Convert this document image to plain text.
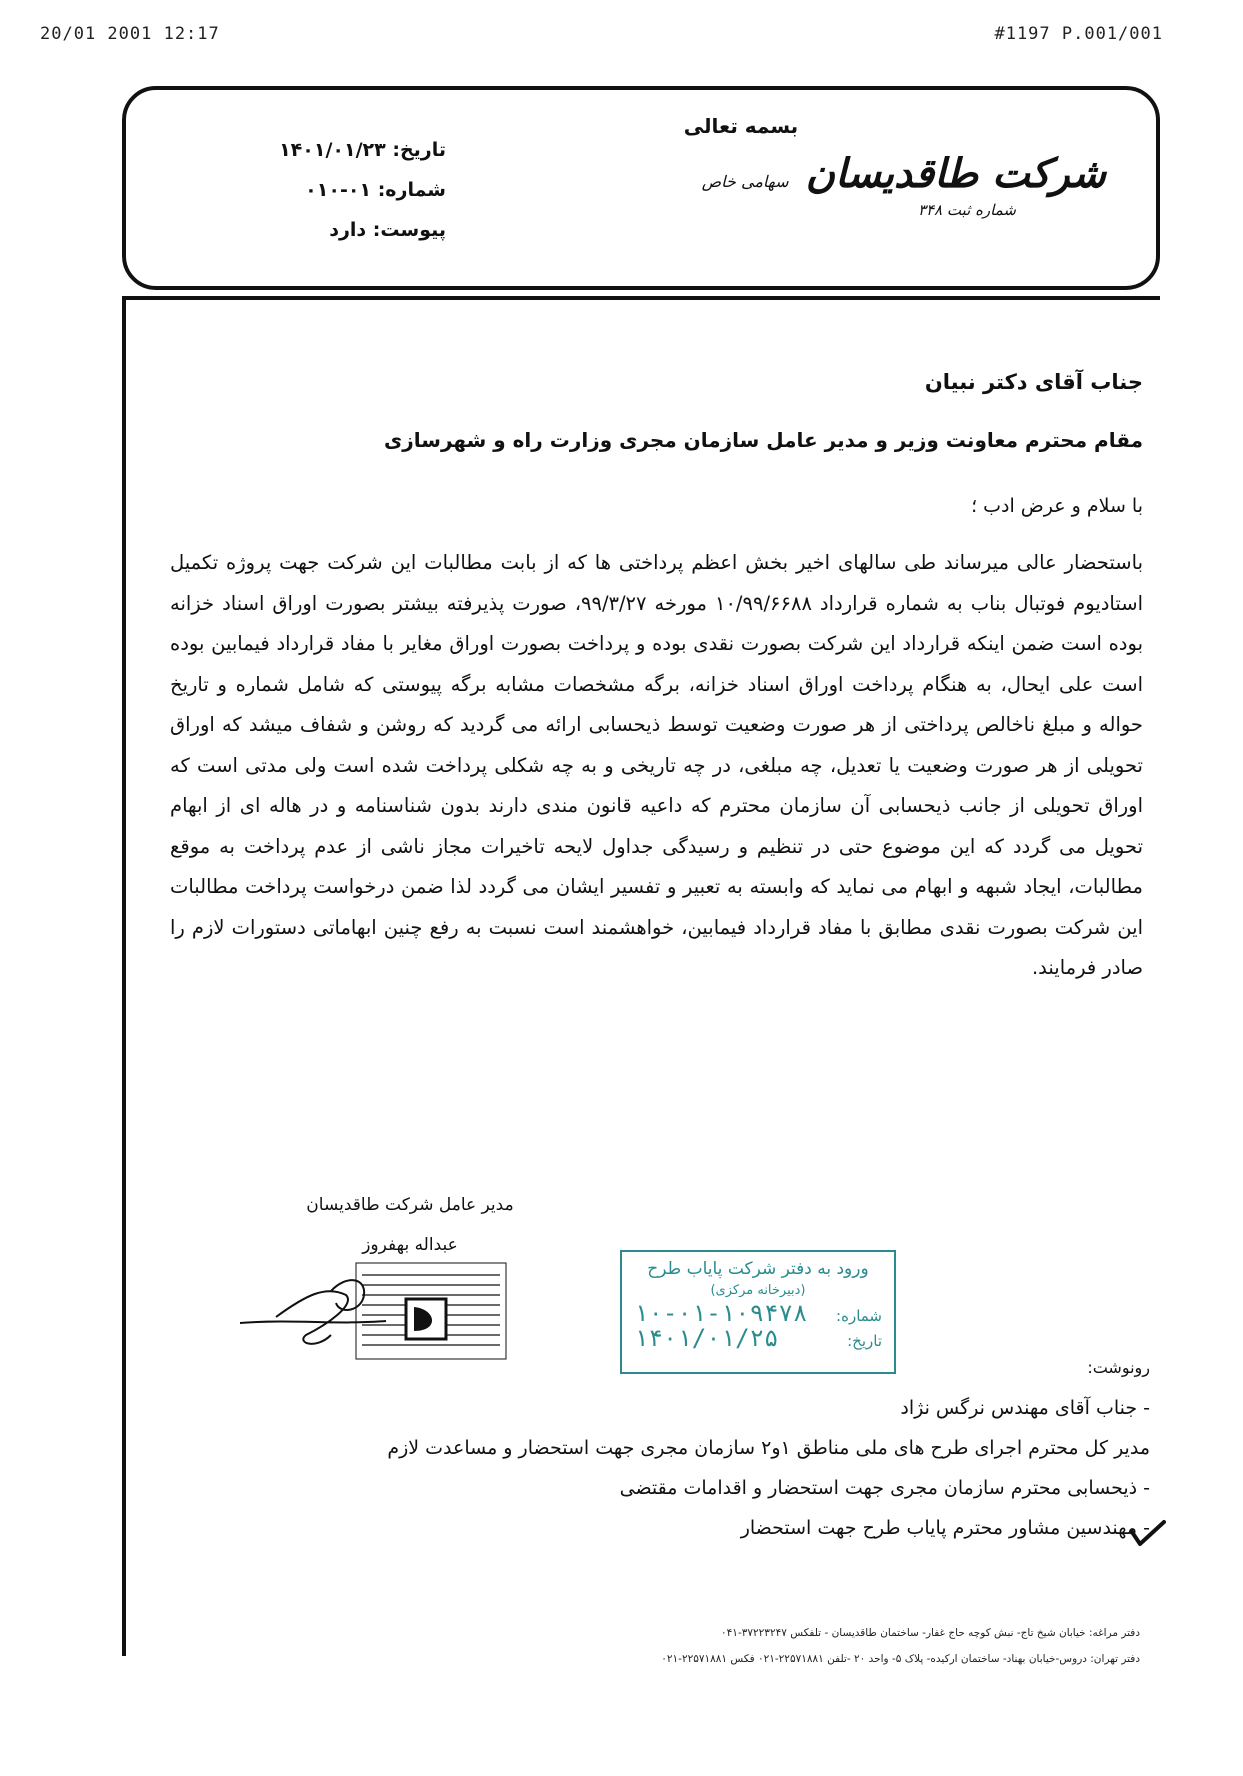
20/01 2001 12:17	#1197 P.001/001
بسمه تعالی
تاریخ: ۱۴۰۱/۰۱/۲۳
شماره: ۰۱-۰۱۰
پیوست: دارد
شرکت طاقدیسان سهامی خاص
شماره ثبت ۳۴۸
جناب آقای دکتر نبیان
مقام محترم معاونت وزیر و مدیر عامل سازمان مجری وزارت راه و شهرسازی
با سلام و عرض ادب ؛
باستحضار عالی میرساند طی سالهای اخیر بخش اعظم پرداختی ها که از بابت مطالبات این شرکت جهت پروژه تکمیل استادیوم فوتبال بناب به شماره قرارداد ۱۰/۹۹/۶۶۸۸ مورخه ۹۹/۳/۲۷، صورت پذیرفته بیشتر بصورت اوراق اسناد خزانه بوده است ضمن اینکه قرارداد این شرکت بصورت نقدی بوده و پرداخت بصورت اوراق مغایر با مفاد قرارداد فیمابین بوده است علی ایحال، به هنگام پرداخت اوراق اسناد خزانه، برگه مشخصات مشابه برگه پیوستی که شامل شماره و تاریخ حواله و مبلغ ناخالص پرداختی از هر صورت وضعیت توسط ذیحسابی ارائه می گردید که روشن و شفاف میشد که اوراق تحویلی از هر صورت وضعیت یا تعدیل، چه مبلغی، در چه تاریخی و به چه شکلی پرداخت شده است ولی مدتی است که اوراق تحویلی از جانب ذیحسابی آن سازمان محترم که داعیه قانون مندی دارند بدون شناسنامه و در هاله ای از ابهام تحویل می گردد که این موضوع حتی در تنظیم و رسیدگی جداول لایحه تاخیرات مجاز ناشی از عدم پرداخت به موقع مطالبات، ایجاد شبهه و ابهام می نماید که وابسته به تعبیر و تفسیر ایشان می گردد لذا ضمن درخواست پرداخت مطالبات این شرکت بصورت نقدی مطابق با مفاد قرارداد فیمابین، خواهشمند است نسبت به رفع چنین ابهاماتی دستورات لازم را صادر فرمایند.
مدیر عامل شرکت طاقدیسان
عبداله بهفروز
ورود به دفتر شرکت پایاب طرح
(دبیرخانه مرکزی)
شماره:
۱۰-۰۱-۱۰۹۴۷۸
تاریخ:
۱۴۰۱/۰۱/۲۵
رونوشت:
- جناب آقای مهندس نرگس نژاد
مدیر کل محترم اجرای طرح های ملی مناطق ۱و۲ سازمان مجری جهت استحضار و مساعدت لازم
- ذیحسابی محترم سازمان مجری جهت استحضار و اقدامات مقتضی
- مهندسین مشاور محترم پایاب طرح جهت استحضار
دفتر مراغه: خیابان شیخ تاج- نبش کوچه حاج غفار- ساختمان طاقدیسان - تلفکس ۳۷۲۲۳۲۴۷-۰۴۱
دفتر تهران: دروس-خیابان بهناد- ساختمان ارکیده- پلاک ۵- واحد ۲۰ -تلفن ۲۲۵۷۱۸۸۱-۰۲۱ فکس ۲۲۵۷۱۸۸۱-۰۲۱
